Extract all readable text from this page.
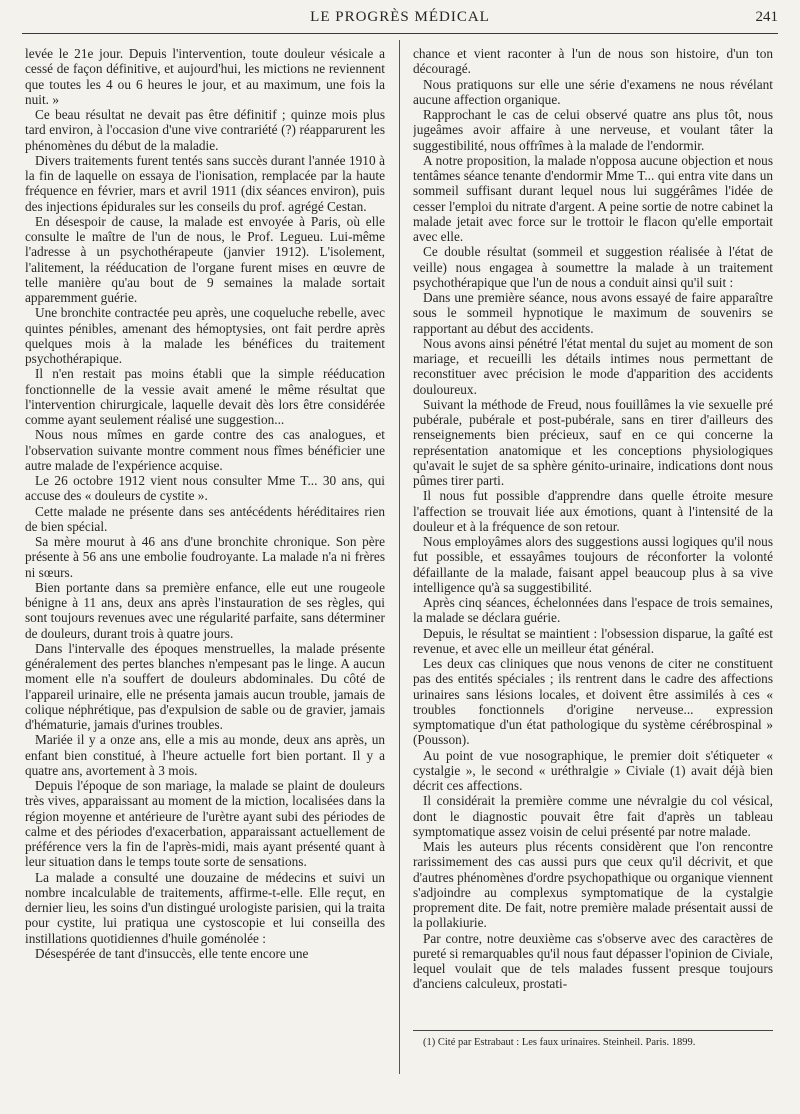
LE PROGRÈS MÉDICAL	241

levée le 21e jour. Depuis l'intervention, toute douleur vésicale a cessé de façon définitive, et aujourd'hui, les mictions ne reviennent que toutes les 4 ou 6 heures le jour, et au maximum, une fois la nuit. »

Ce beau résultat ne devait pas être définitif ; quinze mois plus tard environ, à l'occasion d'une vive contrariété (?) réapparurent les phénomènes du début de la maladie.

Divers traitements furent tentés sans succès durant l'année 1910 à la fin de laquelle on essaya de l'ionisation, remplacée par la haute fréquence en février, mars et avril 1911 (dix séances environ), puis des injections épidurales sur les conseils du prof. agrégé Cestan.

En désespoir de cause, la malade est envoyée à Paris, où elle consulte le maître de l'un de nous, le Prof. Legueu. Lui-même l'adresse à un psychothérapeute (janvier 1912). L'isolement, l'alitement, la rééducation de l'organe furent mises en œuvre de telle manière qu'au bout de 9 semaines la malade sortait apparemment guérie.

Une bronchite contractée peu après, une coqueluche rebelle, avec quintes pénibles, amenant des hémoptysies, ont fait perdre après quelques mois à la malade les bénéfices du traitement psychothérapique.

Il n'en restait pas moins établi que la simple rééducation fonctionnelle de la vessie avait amené le même résultat que l'intervention chirurgicale, laquelle devait dès lors être considérée comme ayant seulement réalisé une suggestion...

Nous nous mîmes en garde contre des cas analogues, et l'observation suivante montre comment nous fîmes bénéficier une autre malade de l'expérience acquise.

Le 26 octobre 1912 vient nous consulter Mme T... 30 ans, qui accuse des « douleurs de cystite ».

Cette malade ne présente dans ses antécédents héréditaires rien de bien spécial.

Sa mère mourut à 46 ans d'une bronchite chronique. Son père présente à 56 ans une embolie foudroyante. La malade n'a ni frères ni sœurs.

Bien portante dans sa première enfance, elle eut une rougeole bénigne à 11 ans, deux ans après l'instauration de ses règles, qui sont toujours revenues avec une régularité parfaite, sans déterminer de douleurs, durant trois à quatre jours.

Dans l'intervalle des époques menstruelles, la malade présente généralement des pertes blanches n'empesant pas le linge. A aucun moment elle n'a souffert de douleurs abdominales. Du côté de l'appareil urinaire, elle ne présenta jamais aucun trouble, jamais de colique néphrétique, pas d'expulsion de sable ou de gravier, jamais d'hématurie, jamais d'urines troubles.

Mariée il y a onze ans, elle a mis au monde, deux ans après, un enfant bien constitué, à l'heure actuelle fort bien portant. Il y a quatre ans, avortement à 3 mois.

Depuis l'époque de son mariage, la malade se plaint de douleurs très vives, apparaissant au moment de la miction, localisées dans la région moyenne et antérieure de l'urètre ayant subi des périodes de calme et des périodes d'exacerbation, apparaissant actuellement de préférence vers la fin de l'après-midi, mais ayant présenté quant à leur situation dans le temps toute sorte de sensations.

La malade a consulté une douzaine de médecins et suivi un nombre incalculable de traitements, affirme-t-elle. Elle reçut, en dernier lieu, les soins d'un distingué urologiste parisien, qui la traita pour cystite, lui pratiqua une cystoscopie et lui conseilla des instillations quotidiennes d'huile goménolée :

Désespérée de tant d'insuccès, elle tente encore une

chance et vient raconter à l'un de nous son histoire, d'un ton découragé.

Nous pratiquons sur elle une série d'examens ne nous révélant aucune affection organique.

Rapprochant le cas de celui observé quatre ans plus tôt, nous jugeâmes avoir affaire à une nerveuse, et voulant tâter la suggestibilité, nous offrîmes à la malade de l'endormir.

A notre proposition, la malade n'opposa aucune objection et nous tentâmes séance tenante d'endormir Mme T... qui entra vite dans un sommeil suffisant durant lequel nous lui suggérâmes l'idée de cesser l'emploi du nitrate d'argent. A peine sortie de notre cabinet la malade jetait avec force sur le trottoir le flacon qu'elle emportait avec elle.

Ce double résultat (sommeil et suggestion réalisée à l'état de veille) nous engagea à soumettre la malade à un traitement psychothérapique que l'un de nous a conduit ainsi qu'il suit :

Dans une première séance, nous avons essayé de faire apparaître sous le sommeil hypnotique le maximum de souvenirs se rapportant au début des accidents.

Nous avons ainsi pénétré l'état mental du sujet au moment de son mariage, et recueilli les détails intimes nous permettant de reconstituer avec précision le mode d'apparition des accidents douloureux.

Suivant la méthode de Freud, nous fouillâmes la vie sexuelle pré pubérale, pubérale et post-pubérale, sans en tirer d'ailleurs des renseignements bien précieux, sauf en ce qui concerne la représentation anatomique et les conceptions physiologiques qu'avait le sujet de sa sphère génito-urinaire, indications dont nous pûmes tirer parti.

Il nous fut possible d'apprendre dans quelle étroite mesure l'affection se trouvait liée aux émotions, quant à l'intensité de la douleur et à la fréquence de son retour.

Nous employâmes alors des suggestions aussi logiques qu'il nous fut possible, et essayâmes toujours de réconforter la volonté défaillante de la malade, faisant appel beaucoup plus à sa vive intelligence qu'à sa suggestibilité.

Après cinq séances, échelonnées dans l'espace de trois semaines, la malade se déclara guérie.

Depuis, le résultat se maintient : l'obsession disparue, la gaîté est revenue, et avec elle un meilleur état général.

Les deux cas cliniques que nous venons de citer ne constituent pas des entités spéciales ; ils rentrent dans le cadre des affections urinaires sans lésions locales, et doivent être assimilés à ces « troubles fonctionnels d'origine nerveuse... expression symptomatique d'un état pathologique du système cérébrospinal » (Pousson).

Au point de vue nosographique, le premier doit s'étiqueter « cystalgie », le second « uréthralgie » Civiale (1) avait déjà bien décrit ces affections.

Il considérait la première comme une névralgie du col vésical, dont le diagnostic pouvait être fait d'après un tableau symptomatique assez voisin de celui présenté par notre malade.

Mais les auteurs plus récents considèrent que l'on rencontre rarissimement des cas aussi purs que ceux qu'il décrivit, et que d'autres phénomènes d'ordre psychopathique ou organique viennent s'adjoindre au complexus symptomatique de la cystalgie proprement dite. De fait, notre première malade présentait aussi de la pollakiurie.

Par contre, notre deuxième cas s'observe avec des caractères de pureté si remarquables qu'il nous faut dépasser l'opinion de Civiale, lequel voulait que de tels malades fussent presque toujours d'anciens calculeux, prostati-

(1) Cité par Estrabaut : Les faux urinaires. Steinheil. Paris. 1899.
